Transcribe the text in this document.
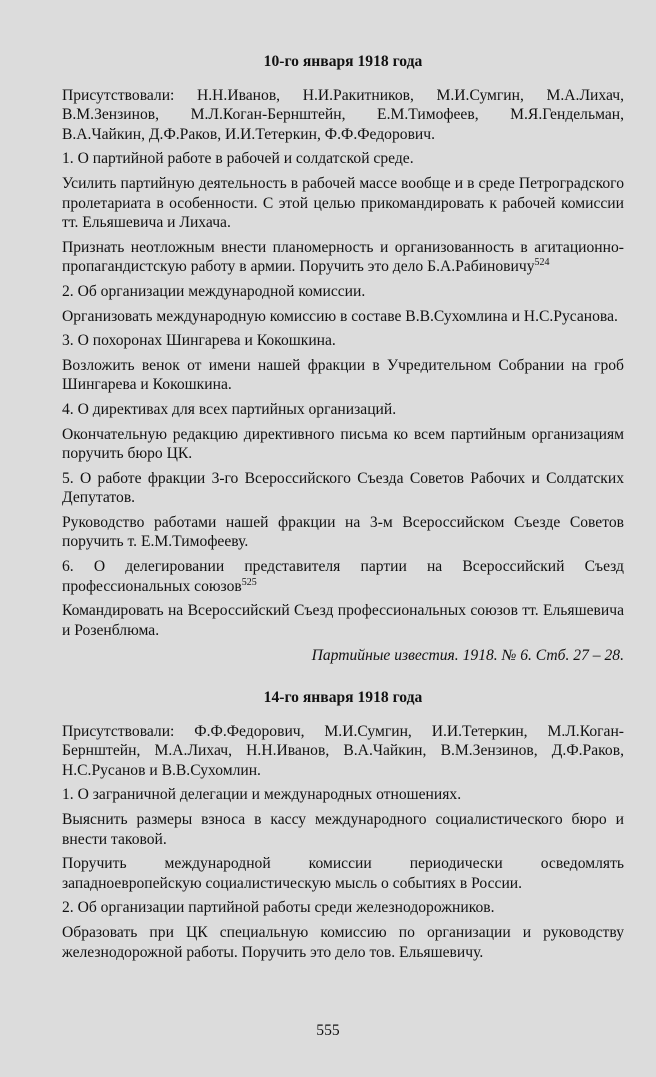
10-го января 1918 года

Присутствовали: Н.Н.Иванов, Н.И.Ракитников, М.И.Сумгин, М.А.Лихач, В.М.Зензинов, М.Л.Коган-Бернштейн, Е.М.Тимофеев, М.Я.Гендельман, В.А.Чайкин, Д.Ф.Раков, И.И.Тетеркин, Ф.Ф.Федорович.

1. О партийной работе в рабочей и солдатской среде.

Усилить партийную деятельность в рабочей массе вообще и в среде Петроградского пролетариата в особенности. С этой целью прикомандировать к рабочей комиссии тт. Ельяшевича и Лихача.

Признать неотложным внести планомерность и организованность в агитационно-пропагандистскую работу в армии. Поручить это дело Б.А.Рабиновичу$^{524}$

2. Об организации международной комиссии.

Организовать международную комиссию в составе В.В.Сухомлина и Н.С.Русанова.

3. О похоронах Шингарева и Кокошкина.

Возложить венок от имени нашей фракции в Учредительном Собрании на гроб Шингарева и Кокошкина.

4. О директивах для всех партийных организаций.

Окончательную редакцию директивного письма ко всем партийным организациям поручить бюро ЦК.

5. О работе фракции 3-го Всероссийского Съезда Советов Рабочих и Солдатских Депутатов.

Руководство работами нашей фракции на 3-м Всероссийском Съезде Советов поручить т. Е.М.Тимофееву.

6. О делегировании представителя партии на Всероссийский Съезд профессиональных союзов$^{525}$

Командировать на Всероссийский Съезд профессиональных союзов тт. Ельяшевича и Розенблюма.

Партийные известия. 1918. № 6. Стб. 27 – 28.
14-го января 1918 года

Присутствовали: Ф.Ф.Федорович, М.И.Сумгин, И.И.Тетеркин, М.Л.Коган-Бернштейн, М.А.Лихач, Н.Н.Иванов, В.А.Чайкин, В.М.Зензинов, Д.Ф.Раков, Н.С.Русанов и В.В.Сухомлин.

1. О заграничной делегации и международных отношениях.

Выяснить размеры взноса в кассу международного социалистического бюро и внести таковой.

Поручить международной комиссии периодически осведомлять западноевропейскую социалистическую мысль о событиях в России.

2. Об организации партийной работы среди железнодорожников.

Образовать при ЦК специальную комиссию по организации и руководству железнодорожной работы. Поручить это дело тов. Ельяшевичу.

555
